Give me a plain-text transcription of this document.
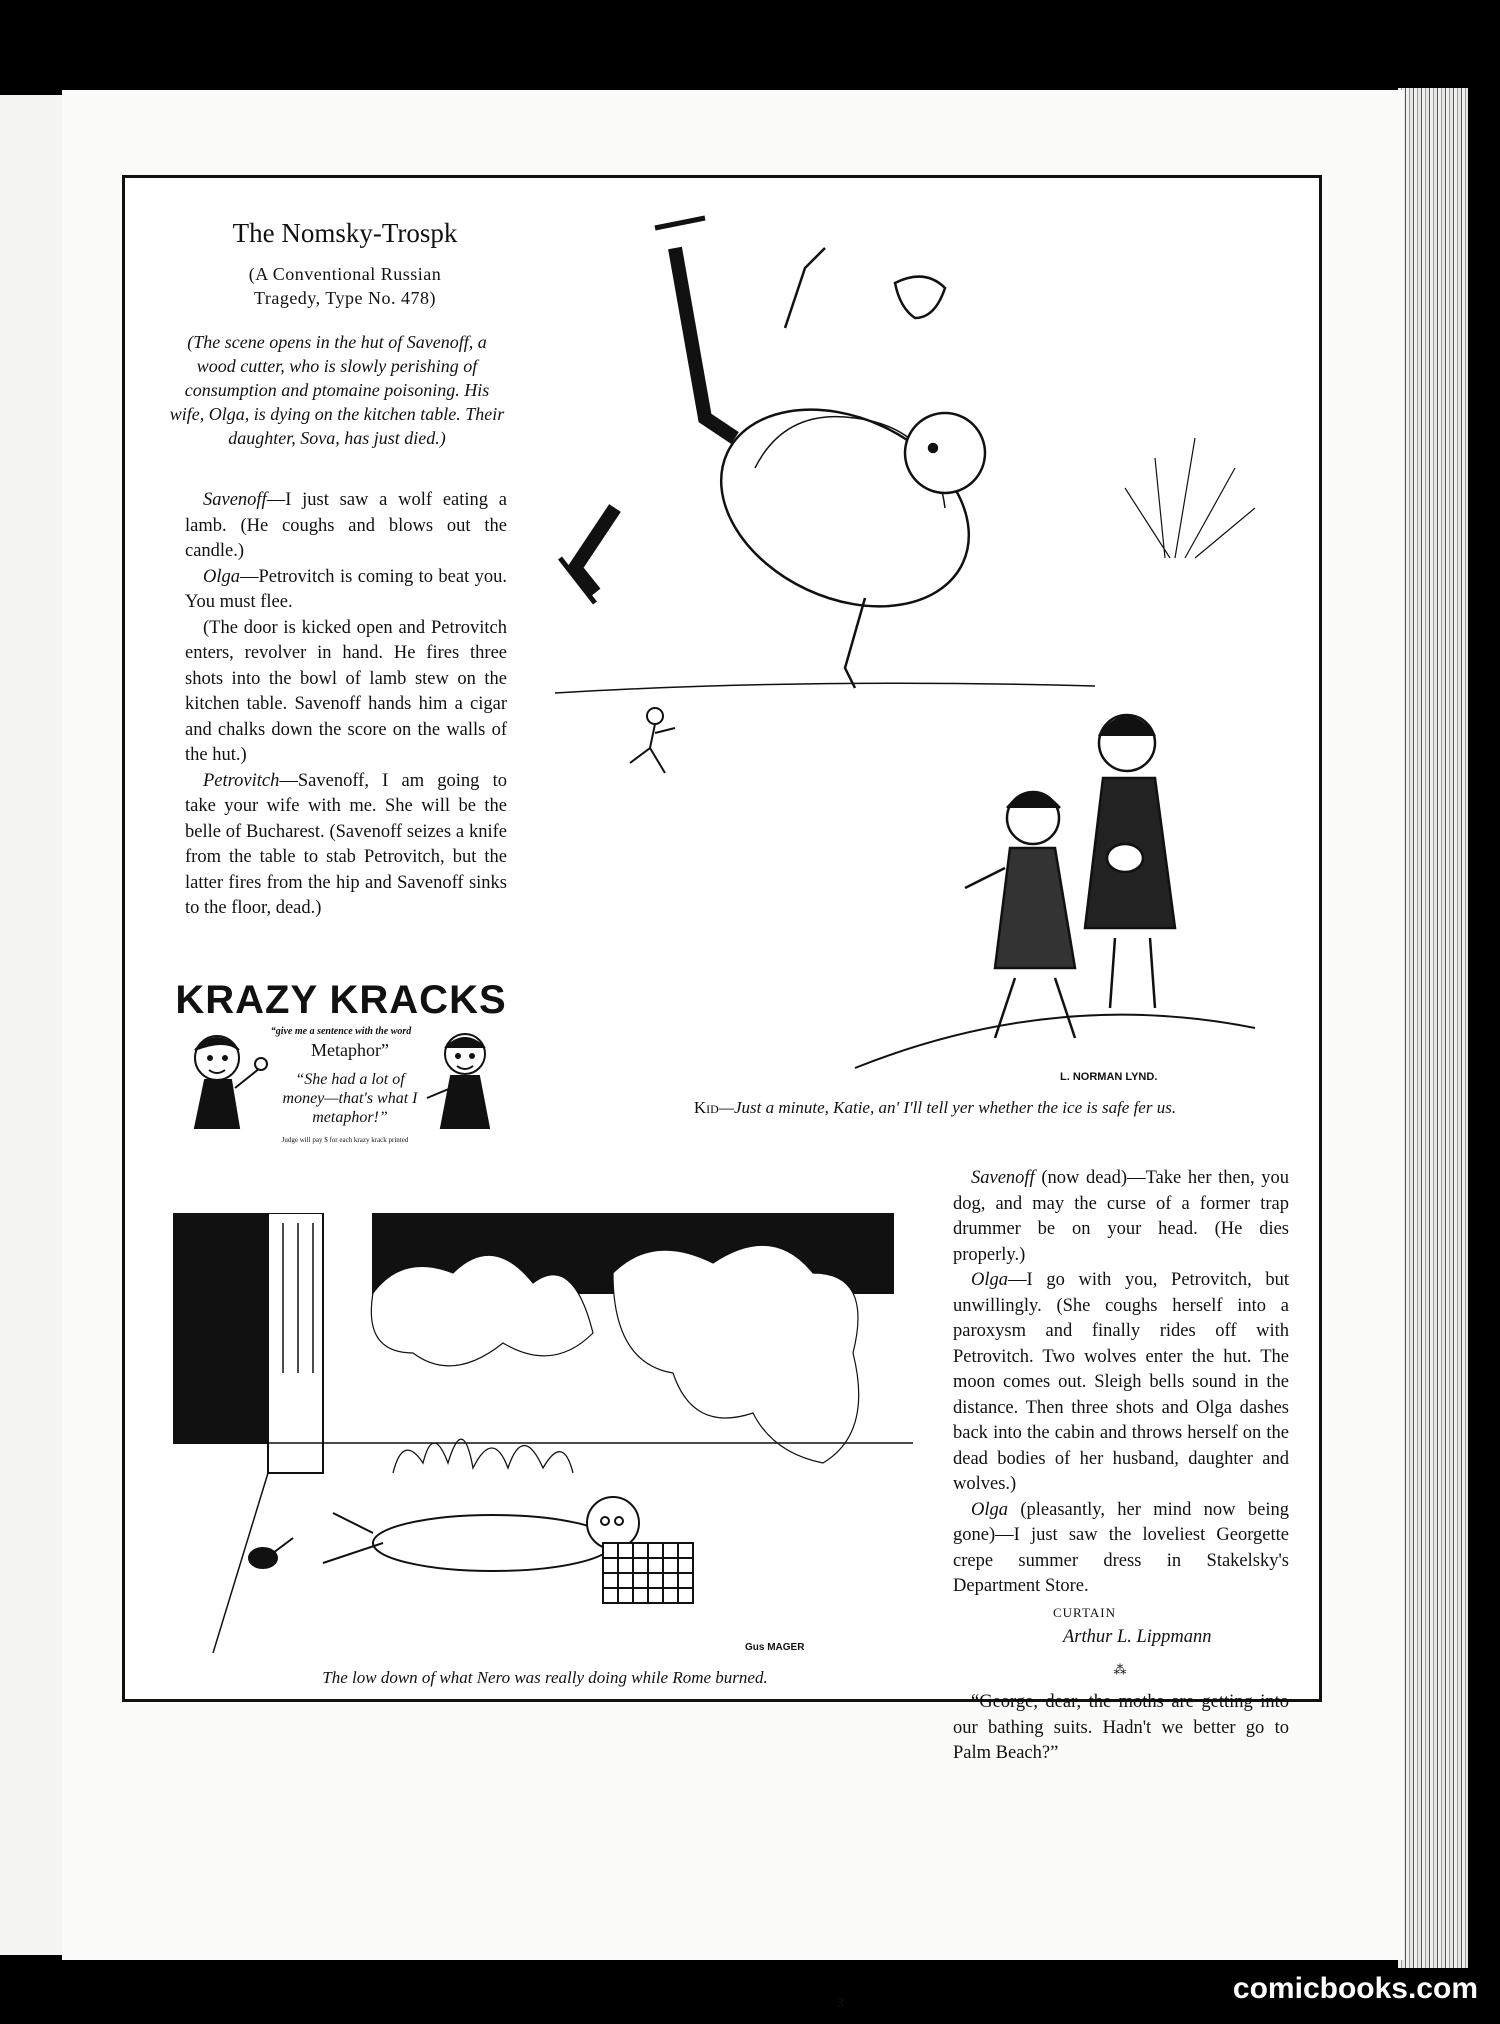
The Nomsky-Trospk
(A Conventional Russian
Tragedy, Type No. 478)
(The scene opens in the hut of Savenoff, a wood cutter, who is slowly perishing of consumption and ptomaine poisoning. His wife, Olga, is dying on the kitchen table. Their daughter, Sova, has just died.)

Savenoff—I just saw a wolf eating a lamb. (He coughs and blows out the candle.)

Olga—Petrovitch is coming to beat you. You must flee.

(The door is kicked open and Petrovitch enters, revolver in hand. He fires three shots into the bowl of lamb stew on the kitchen table. Savenoff hands him a cigar and chalks down the score on the walls of the hut.)

Petrovitch—Savenoff, I am going to take your wife with me. She will be the belle of Bucharest. (Savenoff seizes a knife from the table to stab Petrovitch, but the latter fires from the hip and Savenoff sinks to the floor, dead.)

KRAZY KRACKS
“give me a sentence with the word
Metaphor”
“She had a lot of money—that's what I metaphor!”
Judge will pay $ for each krazy krack printed
L. NORMAN LYND.
Kid—Just a minute, Katie, an' I'll tell yer whether the ice is safe fer us.
Gus MAGER
The low down of what Nero was really doing while Rome burned.

Savenoff (now dead)—Take her then, you dog, and may the curse of a former trap drummer be on your head. (He dies properly.)

Olga—I go with you, Petrovitch, but unwillingly. (She coughs herself into a paroxysm and finally rides off with Petrovitch. Two wolves enter the hut. The moon comes out. Sleigh bells sound in the distance. Then three shots and Olga dashes back into the cabin and throws herself on the dead bodies of her husband, daughter and wolves.)

Olga (pleasantly, her mind now being gone)—I just saw the loveliest Georgette crepe summer dress in Stakelsky's Department Store.

CURTAIN

Arthur L. Lippmann

⁂

“George, dear, the moths are getting into our bathing suits. Hadn't we better go to Palm Beach?”

3	comicbooks.com
